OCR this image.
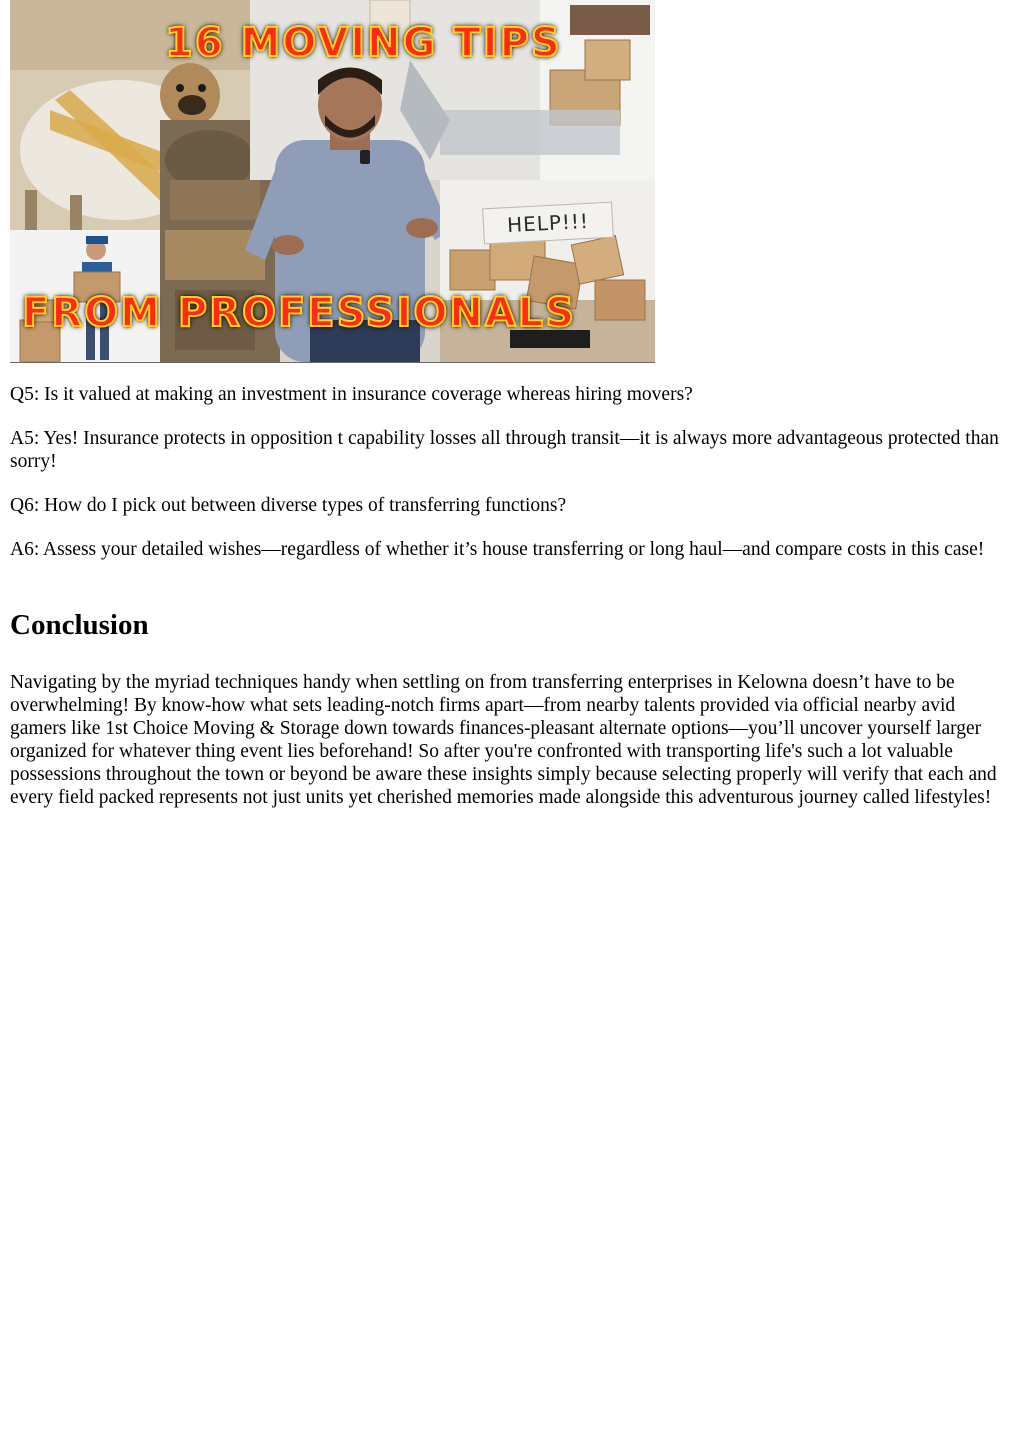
16 MOVING TIPS
HELP!!!
FROM PROFESSIONALS

Q5: Is it valued at making an investment in insurance coverage whereas hiring movers?

A5: Yes! Insurance protects in opposition t capability losses all through transit—it is always more advantageous protected than sorry!

Q6: How do I pick out between diverse types of transferring functions?

A6: Assess your detailed wishes—regardless of whether it’s house transferring or long haul—and compare costs in this case!

Conclusion

Navigating by the myriad techniques handy when settling on from transferring enterprises in Kelowna doesn’t have to be overwhelming! By know-how what sets leading-notch firms apart—from nearby talents provided via official nearby avid gamers like 1st Choice Moving & Storage down towards finances-pleasant alternate options—you’ll uncover yourself larger organized for whatever thing event lies beforehand! So after you're confronted with transporting life's such a lot valuable possessions throughout the town or beyond be aware these insights simply because selecting properly will verify that each and every field packed represents not just units yet cherished memories made alongside this adventurous journey called lifestyles!
